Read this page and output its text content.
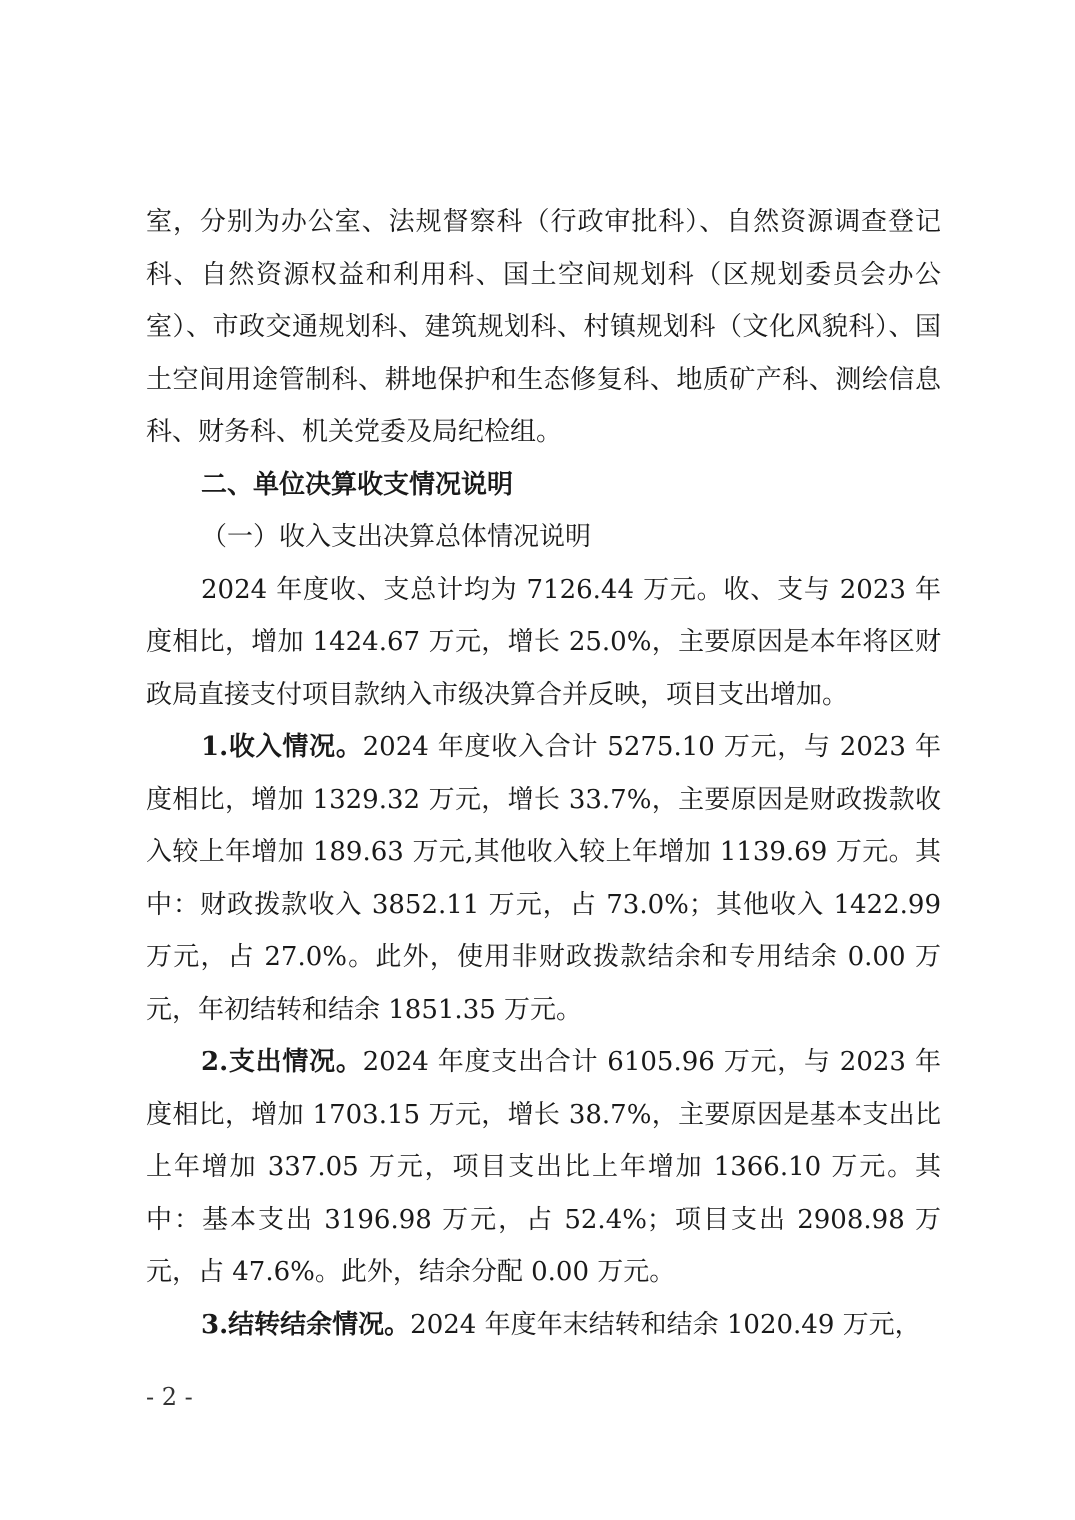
室，分别为办公室、法规督察科（行政审批科）、自然资源调查登记科、自然资源权益和利用科、国土空间规划科（区规划委员会办公室）、市政交通规划科、建筑规划科、村镇规划科（文化风貌科）、国土空间用途管制科、耕地保护和生态修复科、地质矿产科、测绘信息科、财务科、机关党委及局纪检组。

二、单位决算收支情况说明

（一）收入支出决算总体情况说明

2024 年度收、支总计均为 7126.44 万元。收、支与 2023 年度相比，增加 1424.67 万元，增长 25.0%，主要原因是本年将区财政局直接支付项目款纳入市级决算合并反映，项目支出增加。

1.收入情况。2024 年度收入合计 5275.10 万元，与 2023 年度相比，增加 1329.32 万元，增长 33.7%，主要原因是财政拨款收入较上年增加 189.63 万元,其他收入较上年增加 1139.69 万元。其中：财政拨款收入 3852.11 万元，占 73.0%；其他收入 1422.99 万元，占 27.0%。此外，使用非财政拨款结余和专用结余 0.00 万元，年初结转和结余 1851.35 万元。

2.支出情况。2024 年度支出合计 6105.96 万元，与 2023 年度相比，增加 1703.15 万元，增长 38.7%，主要原因是基本支出比上年增加 337.05 万元，项目支出比上年增加 1366.10 万元。其中：基本支出 3196.98 万元，占 52.4%；项目支出 2908.98 万元，占 47.6%。此外，结余分配 0.00 万元。

3.结转结余情况。2024 年度年末结转和结余 1020.49 万元，

- 2 -
